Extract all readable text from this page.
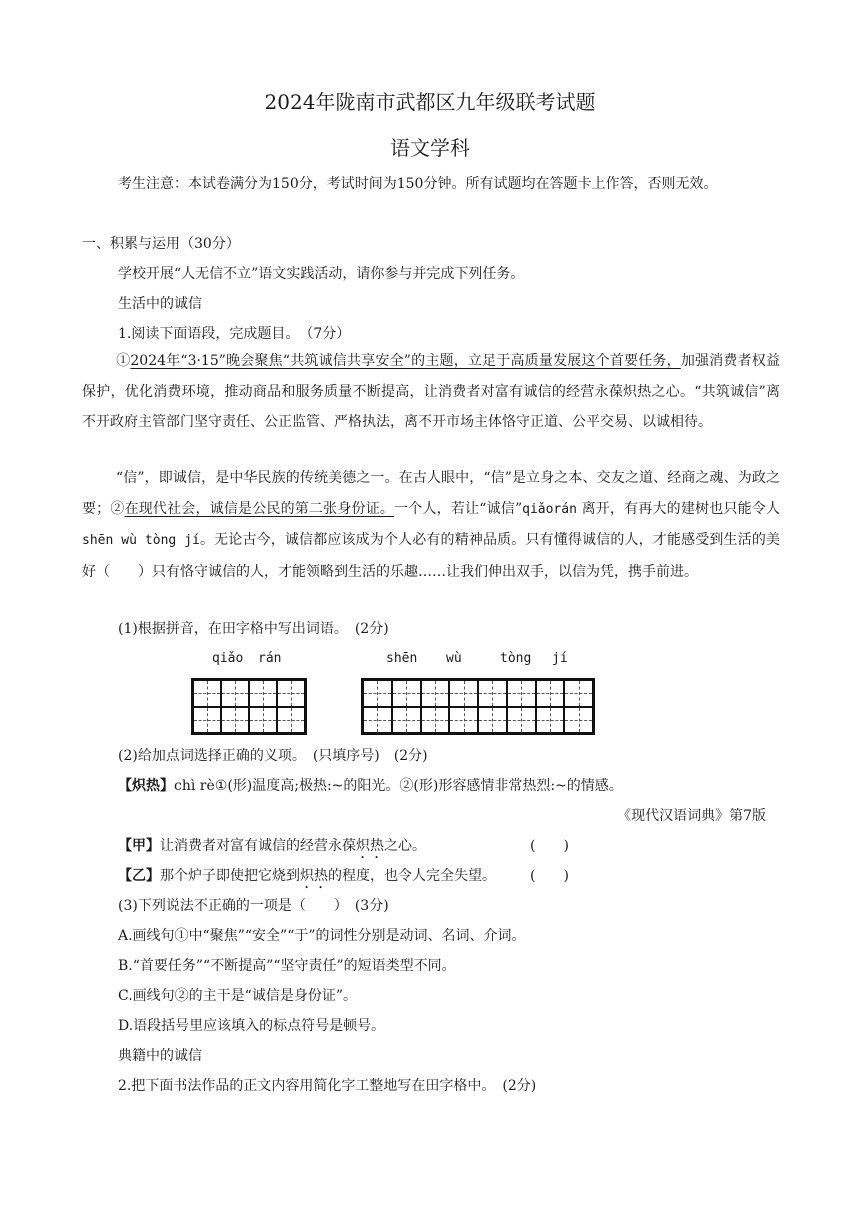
2024年陇南市武都区九年级联考试题
语文学科
考生注意：本试卷满分为150分，考试时间为150分钟。所有试题均在答题卡上作答，否则无效。
一、积累与运用（30分）
学校开展“人无信不立”语文实践活动，请你参与并完成下列任务。
生活中的诚信
1.阅读下面语段，完成题目。　（7分）
①2024年“3·15”晚会聚焦“共筑诚信共享安全”的主题，立足于高质量发展这个首要任务，加强消费者权益保护，优化消费环境，推动商品和服务质量不断提高，让消费者对富有诚信的经营永葆炽热之心。“共筑诚信”离不开政府主管部门坚守责任、公正监管、严格执法，离不开市场主体恪守正道、公平交易、以诚相待。
“信”，即诚信，是中华民族的传统美德之一。在古人眼中，“信”是立身之本、交友之道、经商之魂、为政之要；②在现代社会，诚信是公民的第二张身份证。一个人，若让“诚信”qiǎorán 离开，有再大的建树也只能令人shēn wù tòng jí。无论古今，诚信都应该成为个人必有的精神品质。只有懂得诚信的人，才能感受到生活的美好（　　）只有恪守诚信的人，才能领略到生活的乐趣……让我们伸出双手，以信为凭，携手前进。
(1)根据拼音，在田字格中写出词语。　(2分)
qiǎo rán	shēn wù	tòng jí
(2)给加点词选择正确的义项。　(只填序号)　(2分)
【炽热】chì rè①(形)温度高;极热:~的阳光。②(形)形容感情非常热烈:~的情感。
《现代汉语词典》第7版
【甲】让消费者对富有诚信的经营永葆炽热之心。	(　　)
【乙】那个炉子即使把它烧到炽热的程度，也令人完全失望。 (　　)
(3)下列说法不正确的一项是（　　）　(3分)
A.画线句①中“聚焦”“安全”“于”的词性分别是动词、名词、介词。
B.“首要任务”“不断提高”“坚守责任”的短语类型不同。
C.画线句②的主干是“诚信是身份证”。
D.语段括号里应该填入的标点符号是顿号。
典籍中的诚信
2.把下面书法作品的正文内容用简化字工整地写在田字格中。　(2分)
